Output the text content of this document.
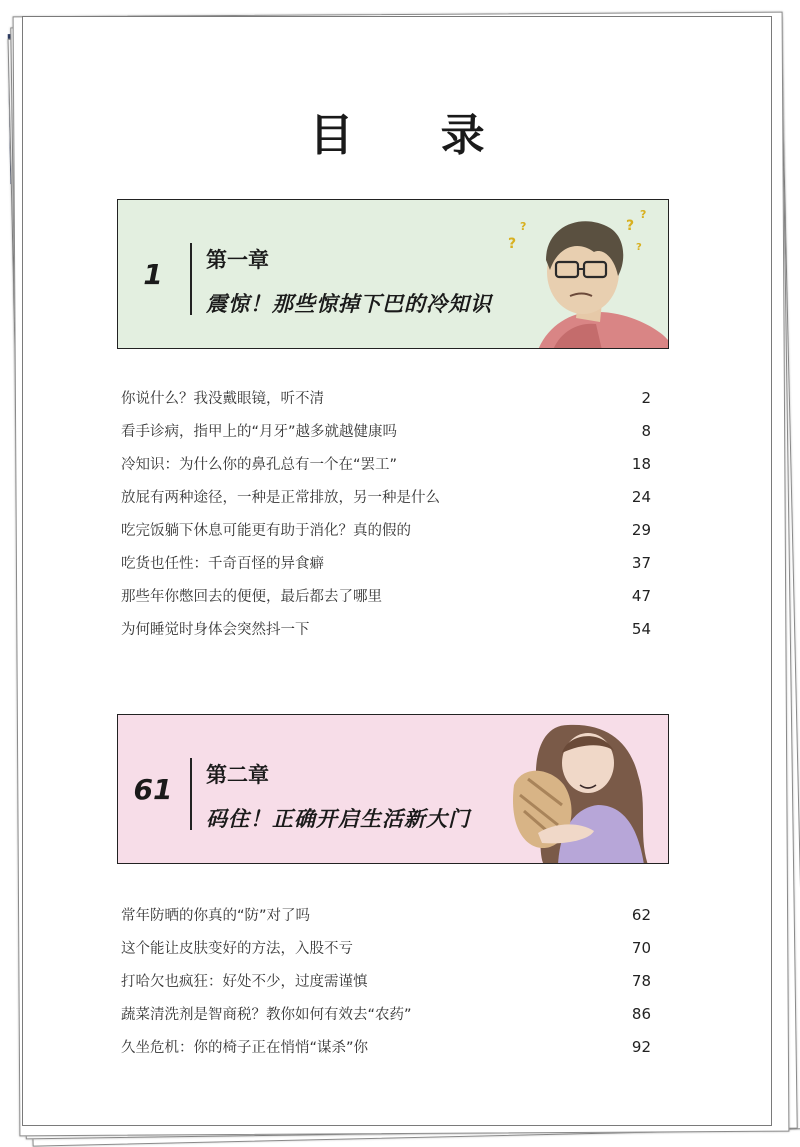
目 录
1	第一章
震惊！那些惊掉下巴的冷知识
?
?	?
?
?
你说什么？我没戴眼镜，听不清	2
看手诊病，指甲上的“月牙”越多就越健康吗	8
冷知识：为什么你的鼻孔总有一个在“罢工”	18
放屁有两种途径，一种是正常排放，另一种是什么	24
吃完饭躺下休息可能更有助于消化？真的假的	29
吃货也任性：千奇百怪的异食癖	37
那些年你憋回去的便便，最后都去了哪里	47
为何睡觉时身体会突然抖一下	54
61	第二章
码住！正确开启生活新大门
常年防晒的你真的“防”对了吗	62
这个能让皮肤变好的方法，入股不亏	70
打哈欠也疯狂：好处不少，过度需谨慎	78
蔬菜清洗剂是智商税？教你如何有效去“农药”	86
久坐危机：你的椅子正在悄悄“谋杀”你	92
